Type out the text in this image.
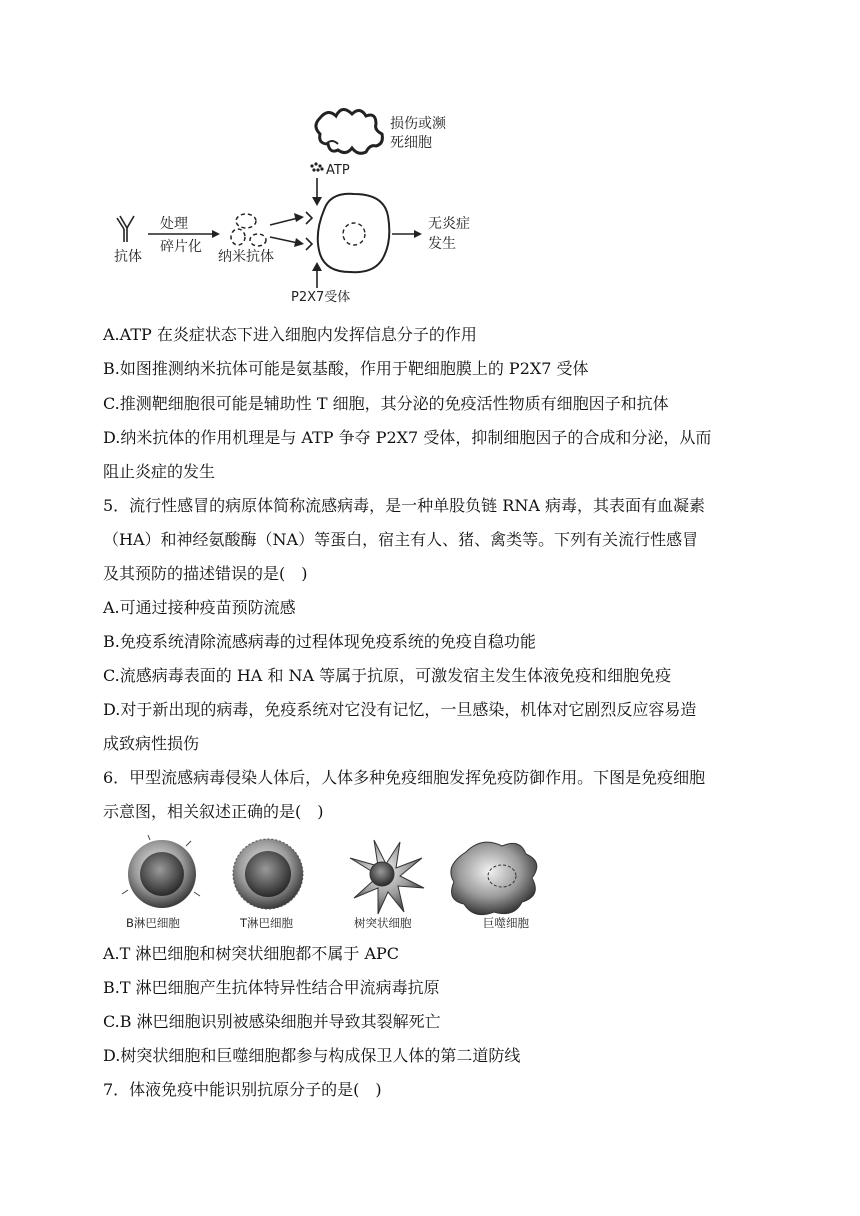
损伤或濒
死细胞
ATP
抗体
处理
碎片化
纳米抗体
P2X7受体
无炎症
发生
A.ATP 在炎症状态下进入细胞内发挥信息分子的作用
B.如图推测纳米抗体可能是氨基酸，作用于靶细胞膜上的 P2X7 受体
C.推测靶细胞很可能是辅助性 T 细胞，其分泌的免疫活性物质有细胞因子和抗体
D.纳米抗体的作用机理是与 ATP 争夺 P2X7 受体，抑制细胞因子的合成和分泌，从而
阻止炎症的发生
5．流行性感冒的病原体简称流感病毒，是一种单股负链 RNA 病毒，其表面有血凝素
（HA）和神经氨酸酶（NA）等蛋白，宿主有人、猪、禽类等。下列有关流行性感冒
及其预防的描述错误的是(　)
A.可通过接种疫苗预防流感
B.免疫系统清除流感病毒的过程体现免疫系统的免疫自稳功能
C.流感病毒表面的 HA 和 NA 等属于抗原，可激发宿主发生体液免疫和细胞免疫
D.对于新出现的病毒，免疫系统对它没有记忆，一旦感染，机体对它剧烈反应容易造
成致病性损伤
6．甲型流感病毒侵染人体后，人体多种免疫细胞发挥免疫防御作用。下图是免疫细胞
示意图，相关叙述正确的是(　)
B淋巴细胞	T淋巴细胞	树突状细胞	巨噬细胞
A.T 淋巴细胞和树突状细胞都不属于 APC
B.T 淋巴细胞产生抗体特异性结合甲流病毒抗原
C.B 淋巴细胞识别被感染细胞并导致其裂解死亡
D.树突状细胞和巨噬细胞都参与构成保卫人体的第二道防线
7．体液免疫中能识别抗原分子的是(　)
